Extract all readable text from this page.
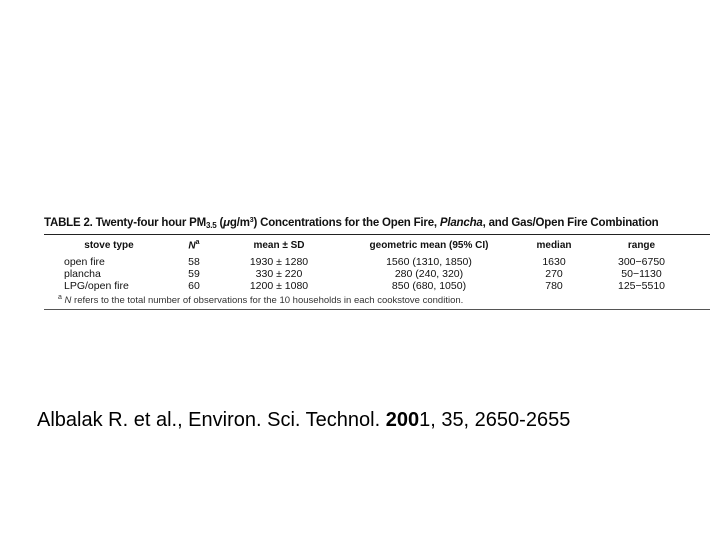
TABLE 2. Twenty-four hour $PM_{3.5}$ $(\mu g/m^3)$ Concentrations for the Open Fire, Plancha, and Gas/Open Fire Combination
stove type	$N^a$	mean ± SD	geometric mean (95% CI)	median	range
open fire	58	1930 ± 1280	1560 (1310, 1850)	1630	300−6750
plancha	59	330 ± 220	280 (240, 320)	270	50−1130
LPG/open fire	60	1200 ± 1080	850 (680, 1050)	780	125−5510
$^a$ N refers to the total number of observations for the 10 households in each cookstove condition.
Albalak R. et al., Environ. Sci. Technol. 2001, 35, 2650-2655
